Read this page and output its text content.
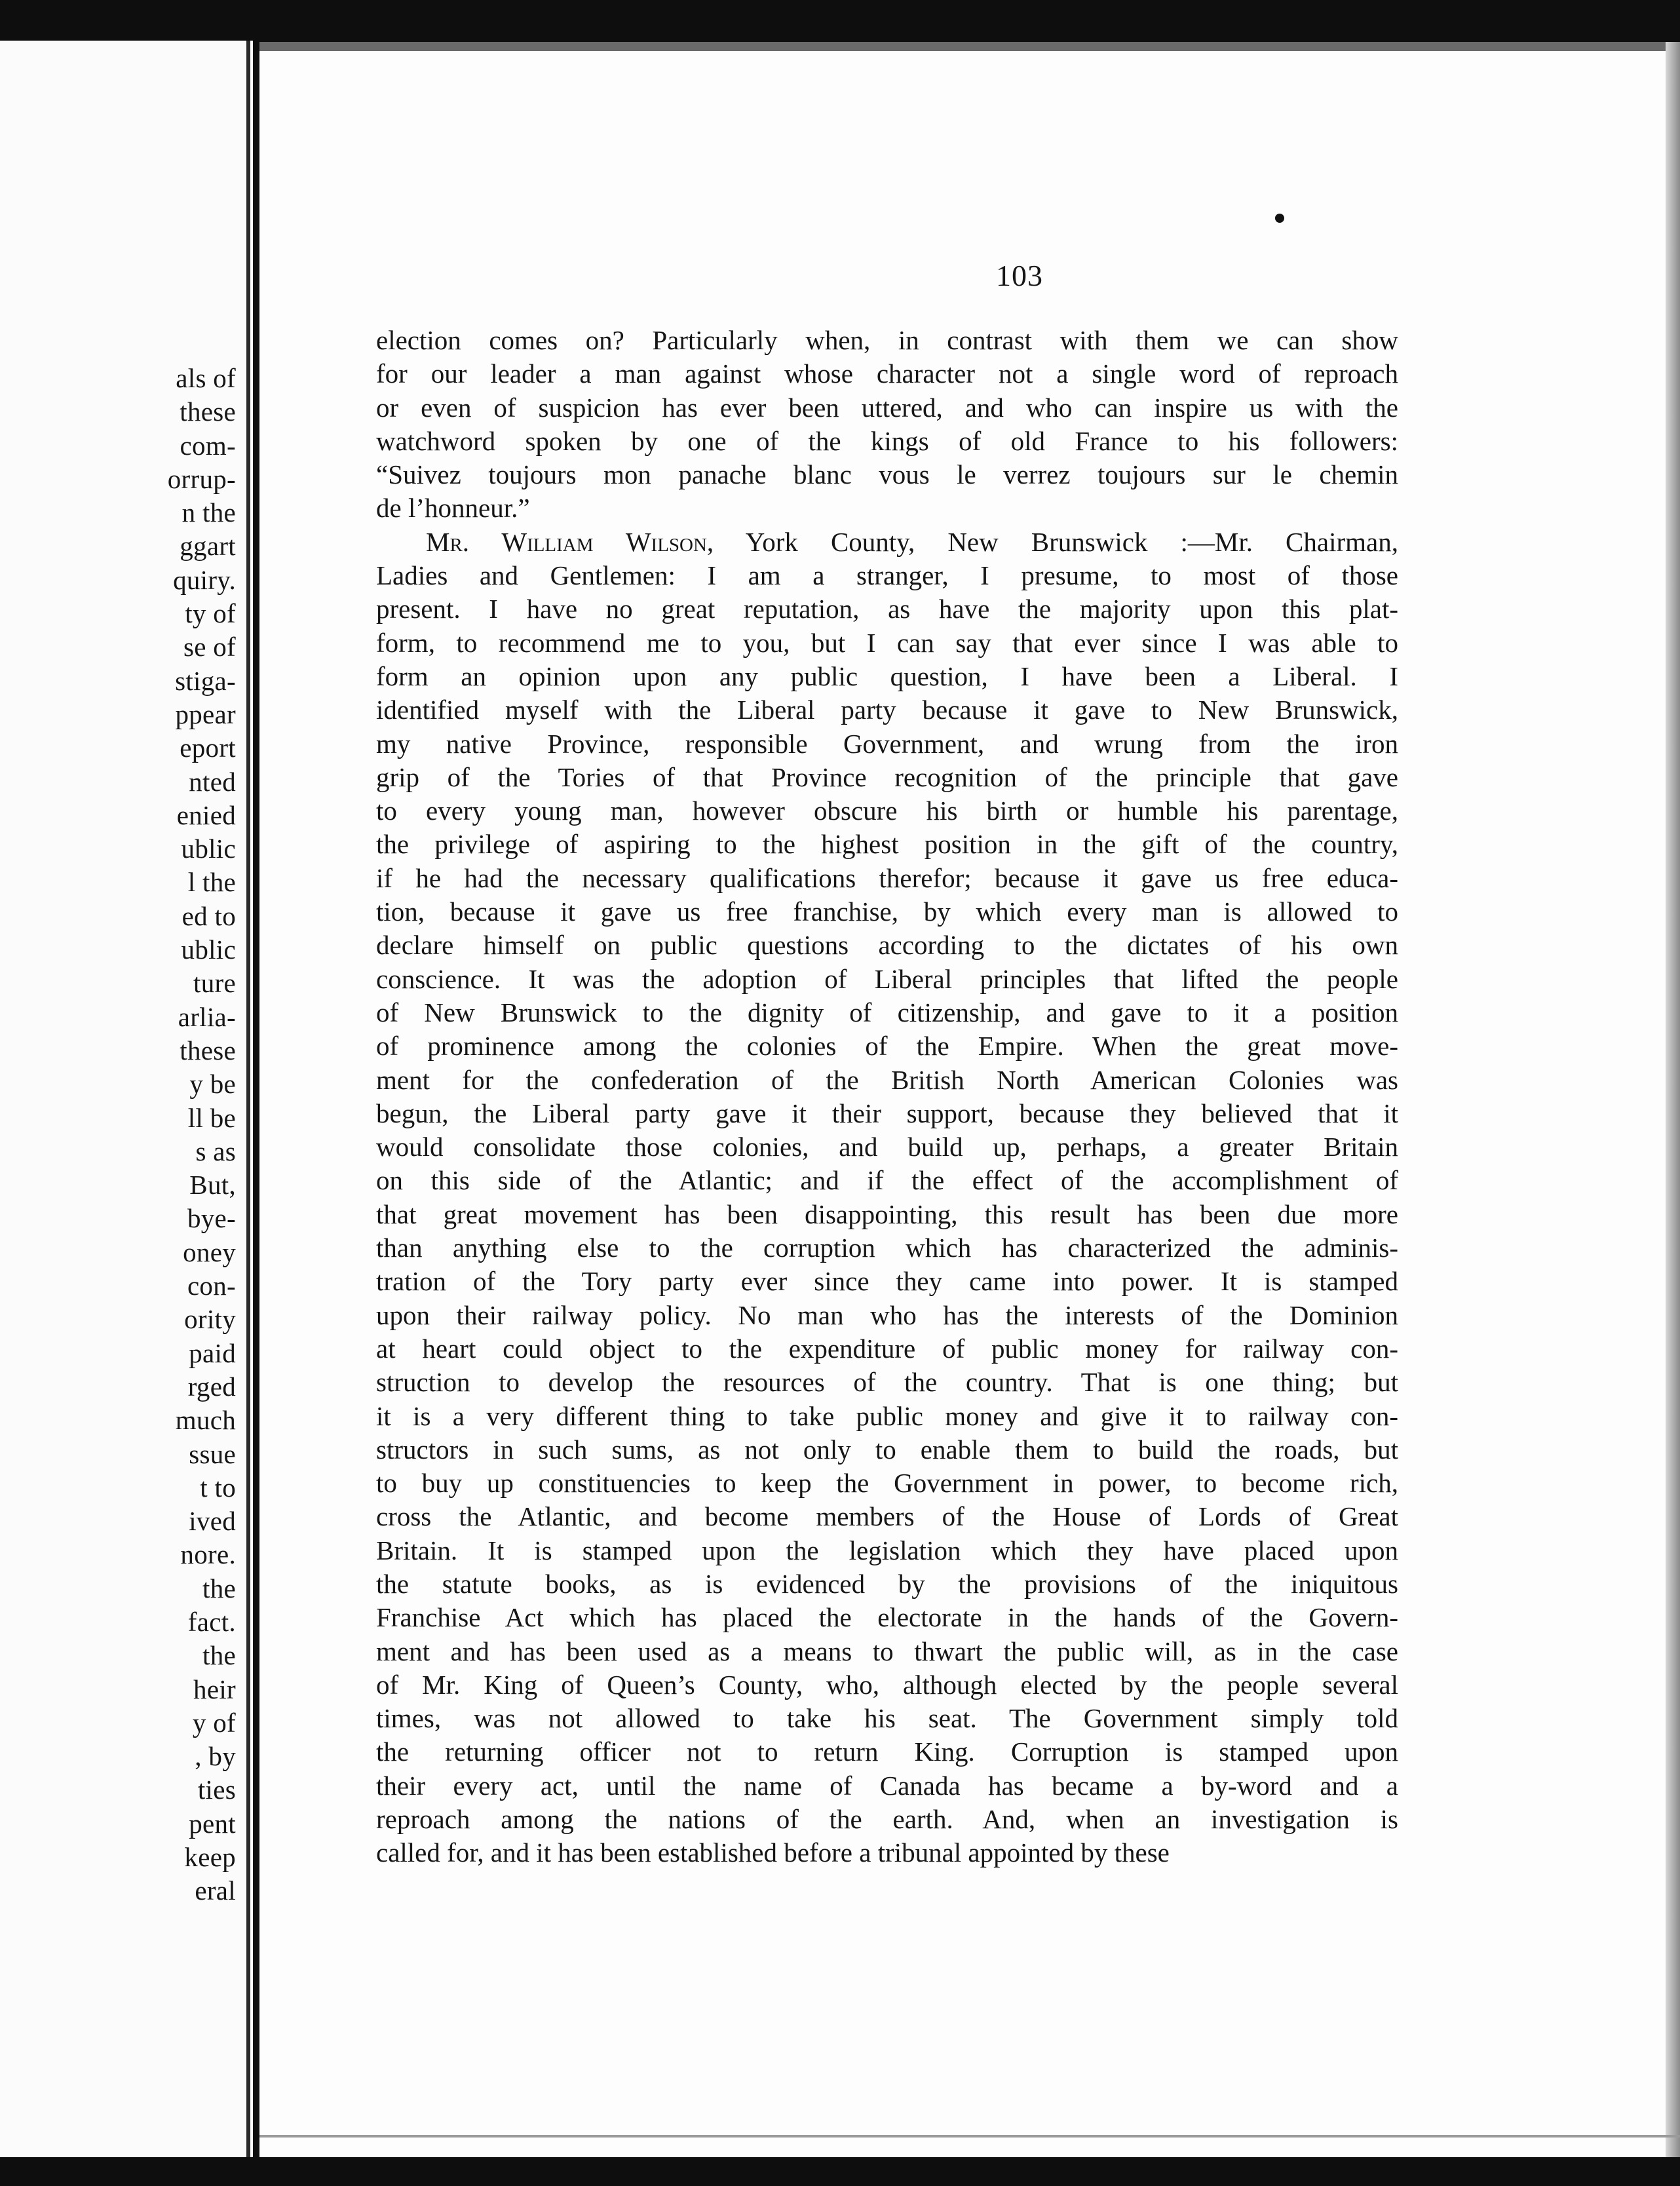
als of
these
com-
orrup-
n the
ggart
quiry.
ty of
se of
stiga-
ppear
eport
nted
enied
ublic
l the
ed to
ublic
ture
arlia-
these
y be
ll be
s as
But,
bye-
oney
con-
ority
paid
rged
much
ssue
t to
ived
nore.
the
fact.
the
heir
y of
, by
ties
pent
keep
eral
103
election comes on? Particularly when, in contrast with them we can show
for our leader a man against whose character not a single word of reproach
or even of suspicion has ever been uttered, and who can inspire us with the
watchword spoken by one of the kings of old France to his followers:
“Suivez toujours mon panache blanc vous le verrez toujours sur le chemin
de l’honneur.”
Mr. William Wilson, York County, New Brunswick :—Mr. Chairman,
Ladies and Gentlemen: I am a stranger, I presume, to most of those
present. I have no great reputation, as have the majority upon this plat-
form, to recommend me to you, but I can say that ever since I was able to
form an opinion upon any public question, I have been a Liberal. I
identified myself with the Liberal party because it gave to New Brunswick,
my native Province, responsible Government, and wrung from the iron
grip of the Tories of that Province recognition of the principle that gave
to every young man, however obscure his birth or humble his parentage,
the privilege of aspiring to the highest position in the gift of the country,
if he had the necessary qualifications therefor; because it gave us free educa-
tion, because it gave us free franchise, by which every man is allowed to
declare himself on public questions according to the dictates of his own
conscience. It was the adoption of Liberal principles that lifted the people
of New Brunswick to the dignity of citizenship, and gave to it a position
of prominence among the colonies of the Empire. When the great move-
ment for the confederation of the British North American Colonies was
begun, the Liberal party gave it their support, because they believed that it
would consolidate those colonies, and build up, perhaps, a greater Britain
on this side of the Atlantic; and if the effect of the accomplishment of
that great movement has been disappointing, this result has been due more
than anything else to the corruption which has characterized the adminis-
tration of the Tory party ever since they came into power. It is stamped
upon their railway policy. No man who has the interests of the Dominion
at heart could object to the expenditure of public money for railway con-
struction to develop the resources of the country. That is one thing; but
it is a very different thing to take public money and give it to railway con-
structors in such sums, as not only to enable them to build the roads, but
to buy up constituencies to keep the Government in power, to become rich,
cross the Atlantic, and become members of the House of Lords of Great
Britain. It is stamped upon the legislation which they have placed upon
the statute books, as is evidenced by the provisions of the iniquitous
Franchise Act which has placed the electorate in the hands of the Govern-
ment and has been used as a means to thwart the public will, as in the case
of Mr. King of Queen’s County, who, although elected by the people several
times, was not allowed to take his seat. The Government simply told
the returning officer not to return King. Corruption is stamped upon
their every act, until the name of Canada has became a by-word and a
reproach among the nations of the earth. And, when an investigation is
called for, and it has been established before a tribunal appointed by these
